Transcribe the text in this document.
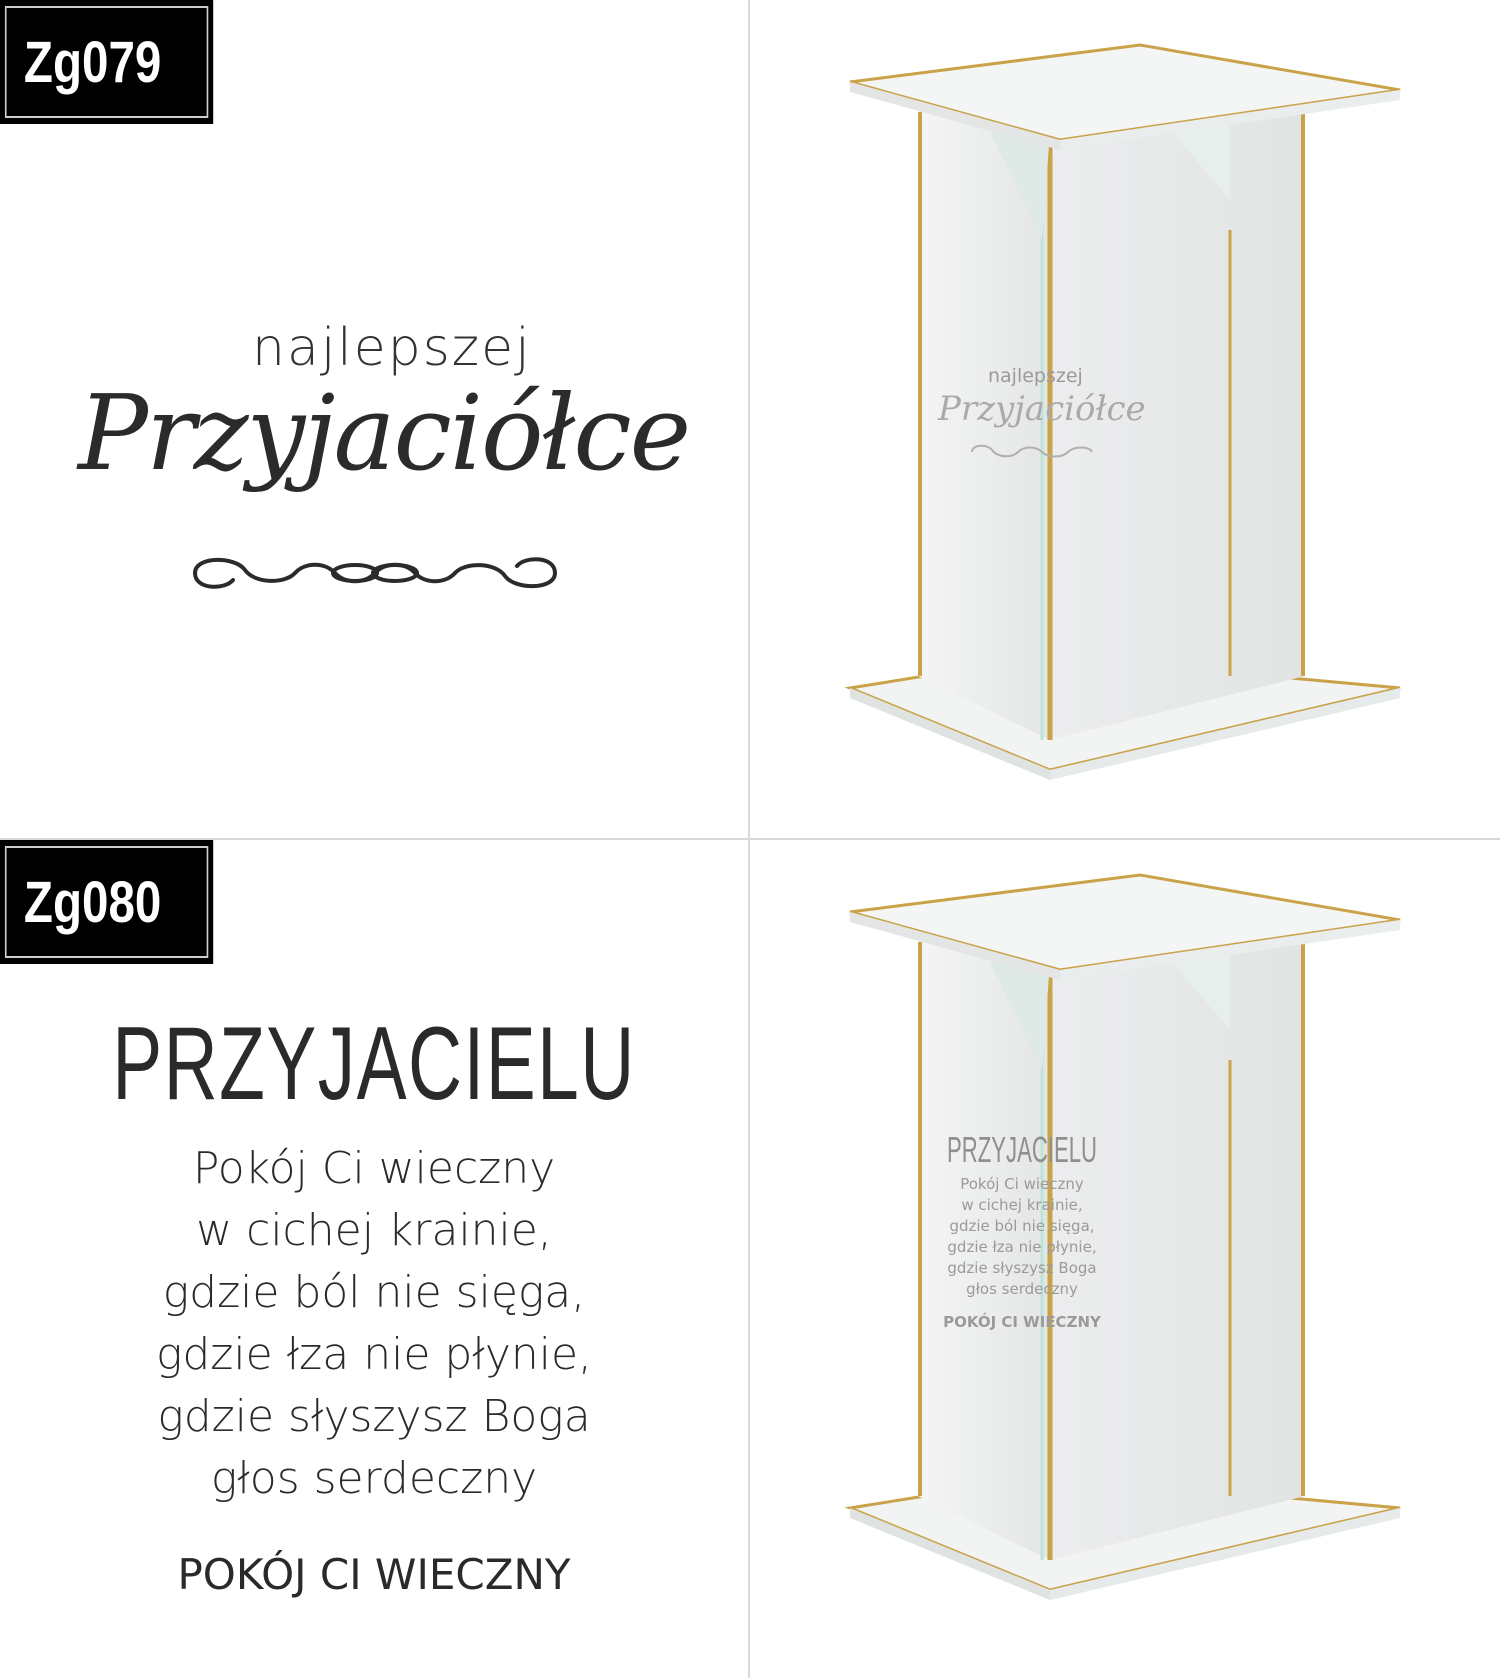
Zg079
najlepszej
Przyjaciółce	najlepszej
Przyjaciółce
Zg080
PRZYJACIELU
Pokój Ci wieczny
w cichej krainie,
gdzie ból nie sięga,
gdzie łza nie płynie,
gdzie słyszysz Boga
głos serdeczny
POKÓJ CI WIECZNY
PRZYJACIELU
Pokój Ci wieczny
w cichej krainie,
gdzie ból nie sięga,
gdzie łza nie płynie,
gdzie słyszysz Boga
głos serdeczny
POKÓJ CI WIECZNY
